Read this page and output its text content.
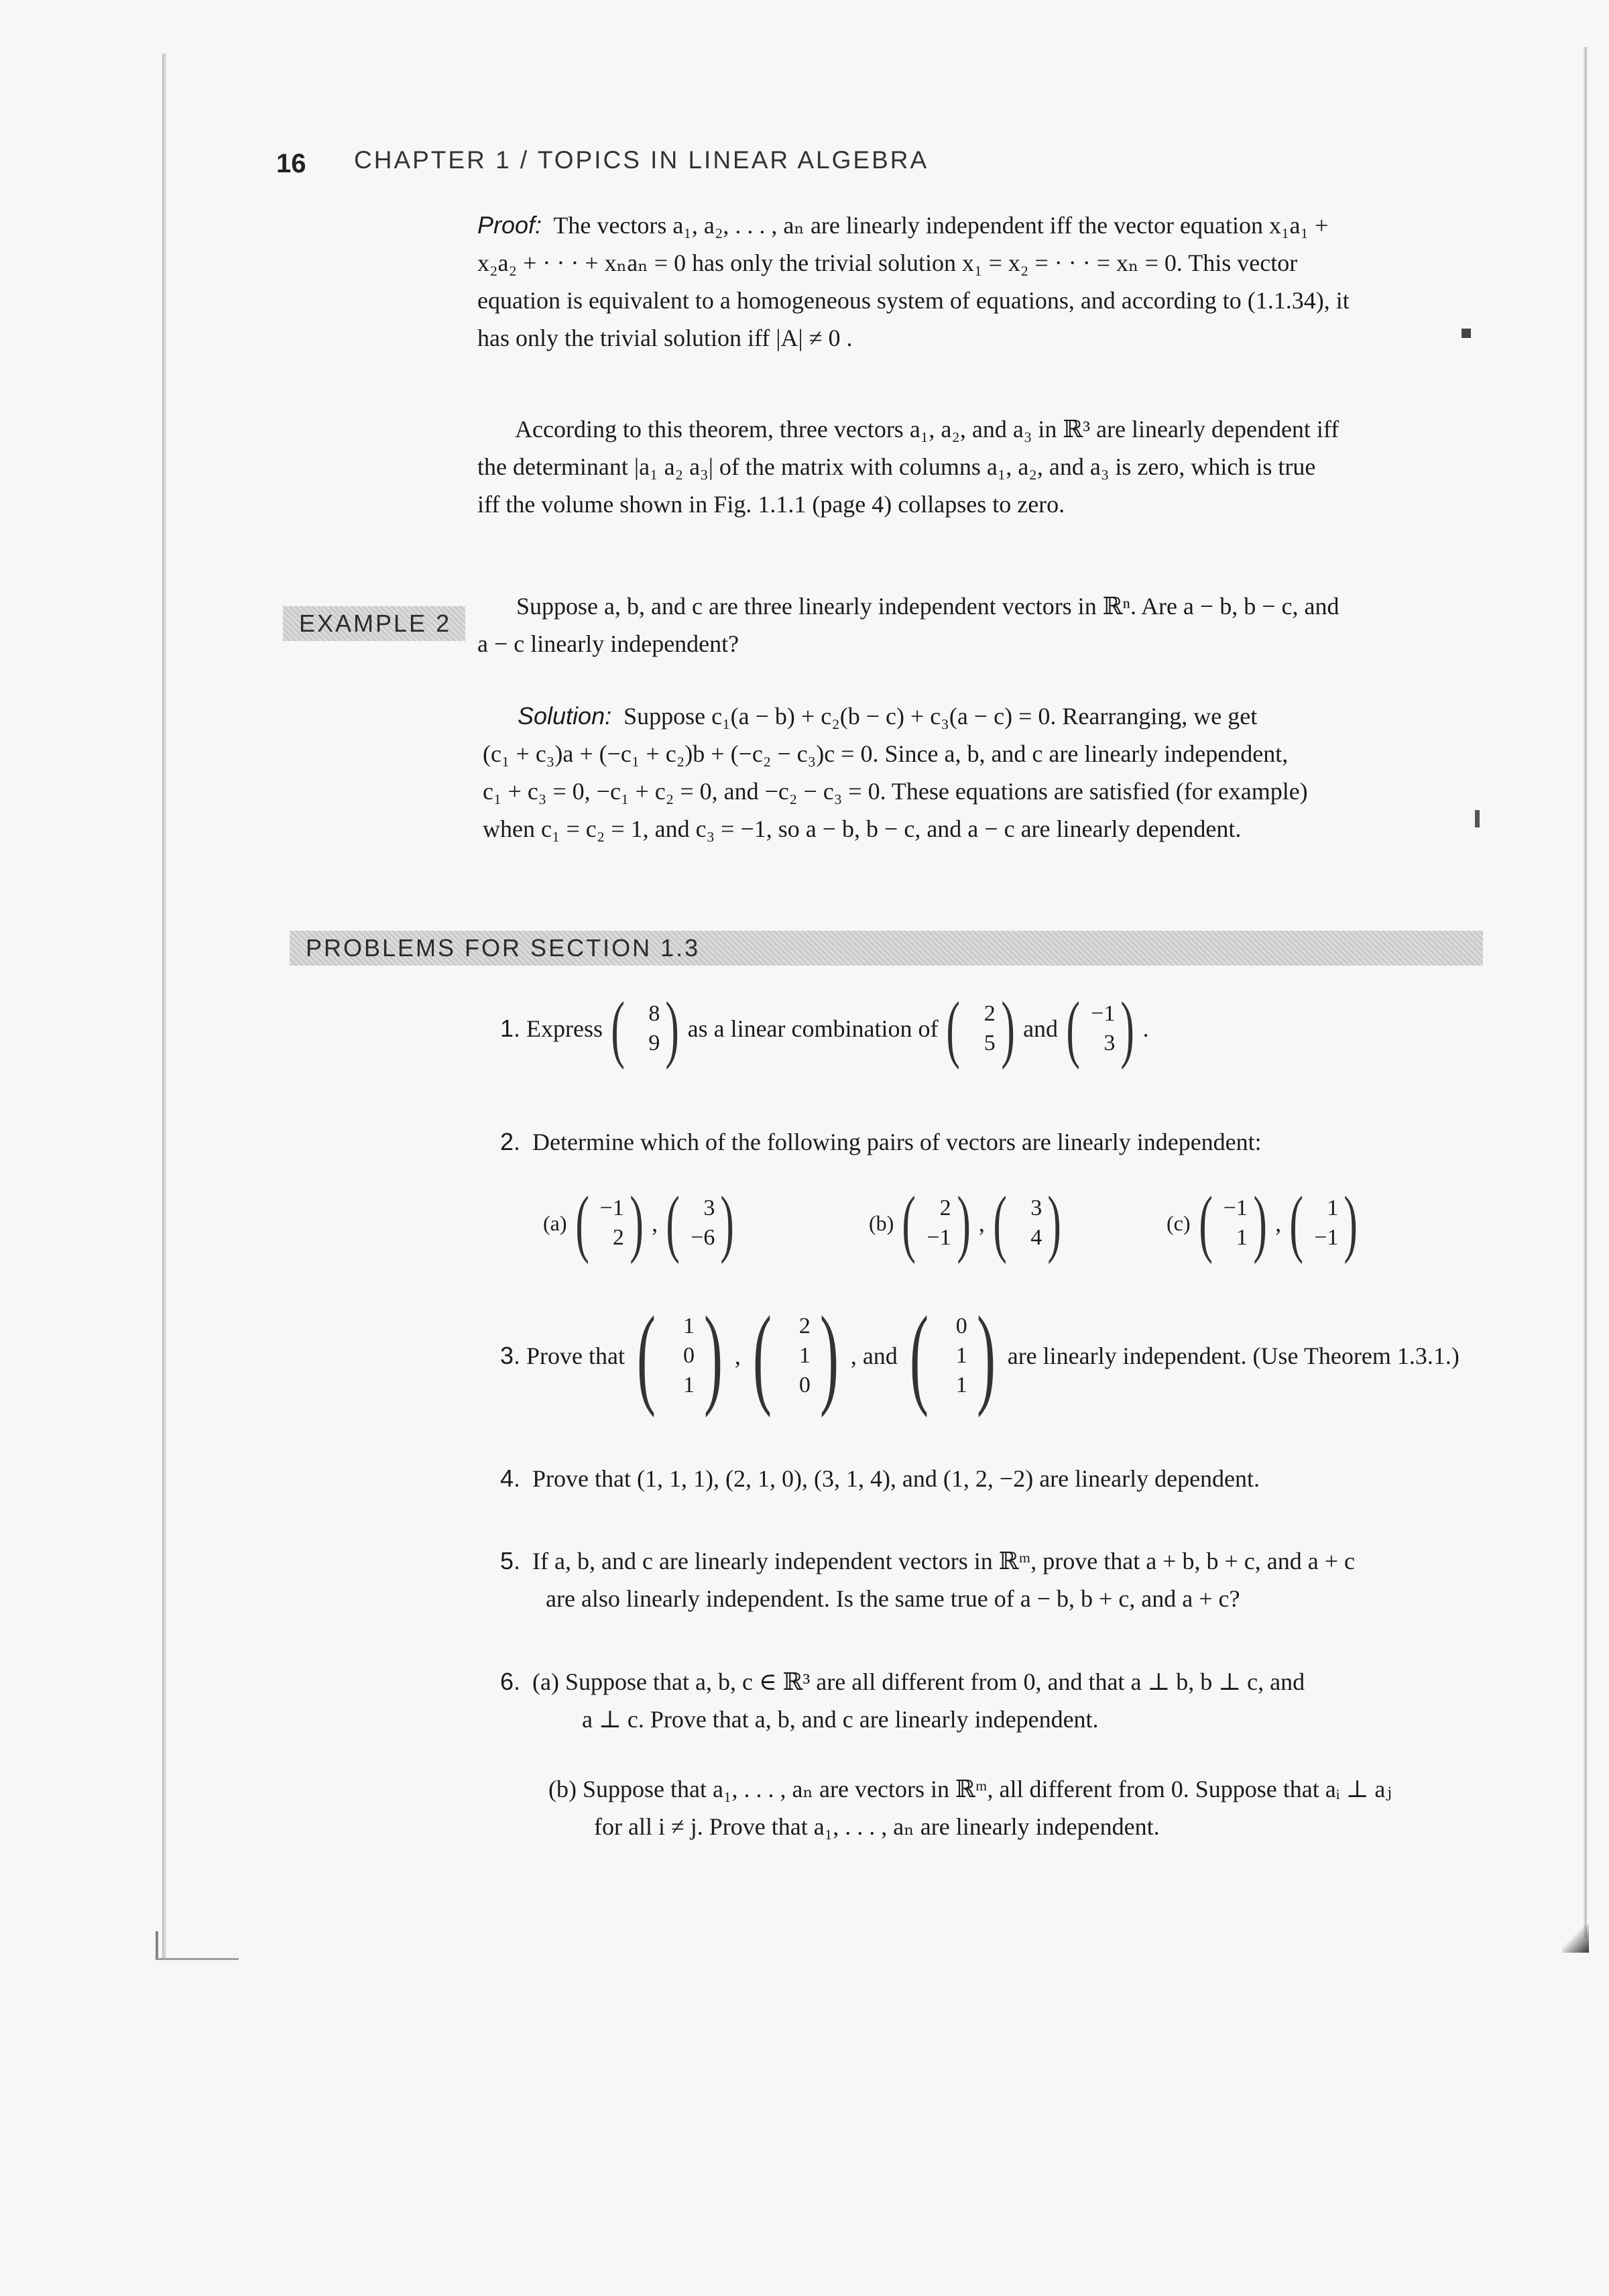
16 CHAPTER 1 / TOPICS IN LINEAR ALGEBRA
Proof: The vectors a₁, a₂, . . . , aₙ are linearly independent iff the vector equation x₁a₁ +
x₂a₂ + · · · + xₙaₙ = 0 has only the trivial solution x₁ = x₂ = · · · = xₙ = 0. This vector
equation is equivalent to a homogeneous system of equations, and according to (1.1.34), it
has only the trivial solution iff |A| ≠ 0 .
According to this theorem, three vectors a₁, a₂, and a₃ in ℝ³ are linearly dependent iff
the determinant |a₁ a₂ a₃| of the matrix with columns a₁, a₂, and a₃ is zero, which is true
iff the volume shown in Fig. 1.1.1 (page 4) collapses to zero.
EXAMPLE 2
Suppose a, b, and c are three linearly independent vectors in ℝⁿ. Are a − b, b − c, and
a − c linearly independent?
Solution: Suppose c₁(a − b) + c₂(b − c) + c₃(a − c) = 0. Rearranging, we get
(c₁ + c₃)a + (−c₁ + c₂)b + (−c₂ − c₃)c = 0. Since a, b, and c are linearly independent,
c₁ + c₃ = 0, −c₁ + c₂ = 0, and −c₂ − c₃ = 0. These equations are satisfied (for example)
when c₁ = c₂ = 1, and c₃ = −1, so a − b, b − c, and a − c are linearly dependent.
PROBLEMS FOR SECTION 1.3
1.
Express ( 8
9 ) as a linear combination of ( 2
5 ) and ( −1
3 ) .
2. Determine which of the following pairs of vectors are linearly independent:
(a) ( −1
2 ) , ( 3
−6 )	(b) ( 2
−1 ) , ( 3
4 )	(c) ( −1
1 ) , ( 1
−1 )
3.
Prove that ( 1
0
1 ) , ( 2
1
0 ) , and ( 0
1
1 ) are linearly independent. (Use Theorem 1.3.1.)
4. Prove that (1, 1, 1), (2, 1, 0), (3, 1, 4), and (1, 2, −2) are linearly dependent.
5. If a, b, and c are linearly independent vectors in ℝᵐ, prove that a + b, b + c, and a + c
are also linearly independent. Is the same true of a − b, b + c, and a + c?
6. (a) Suppose that a, b, c ∈ ℝ³ are all different from 0, and that a ⊥ b, b ⊥ c, and
a ⊥ c. Prove that a, b, and c are linearly independent.
(b) Suppose that a₁, . . . , aₙ are vectors in ℝᵐ, all different from 0. Suppose that aᵢ ⊥ aⱼ
for all i ≠ j. Prove that a₁, . . . , aₙ are linearly independent.
